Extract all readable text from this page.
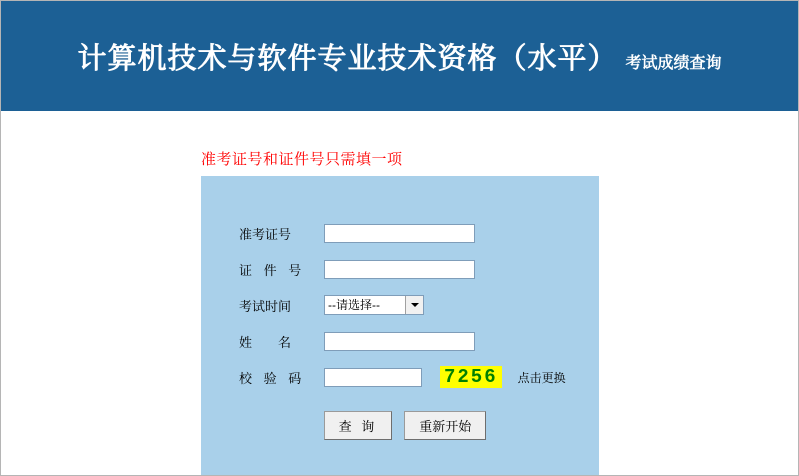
计算机技术与软件专业技术资格（水平） 考试成绩查询
准考证号和证件号只需填一项
准考证号
证 件 号
考试时间	--请选择--
姓　　名
校 验 码	7256	点击更换
查 询	重新开始
